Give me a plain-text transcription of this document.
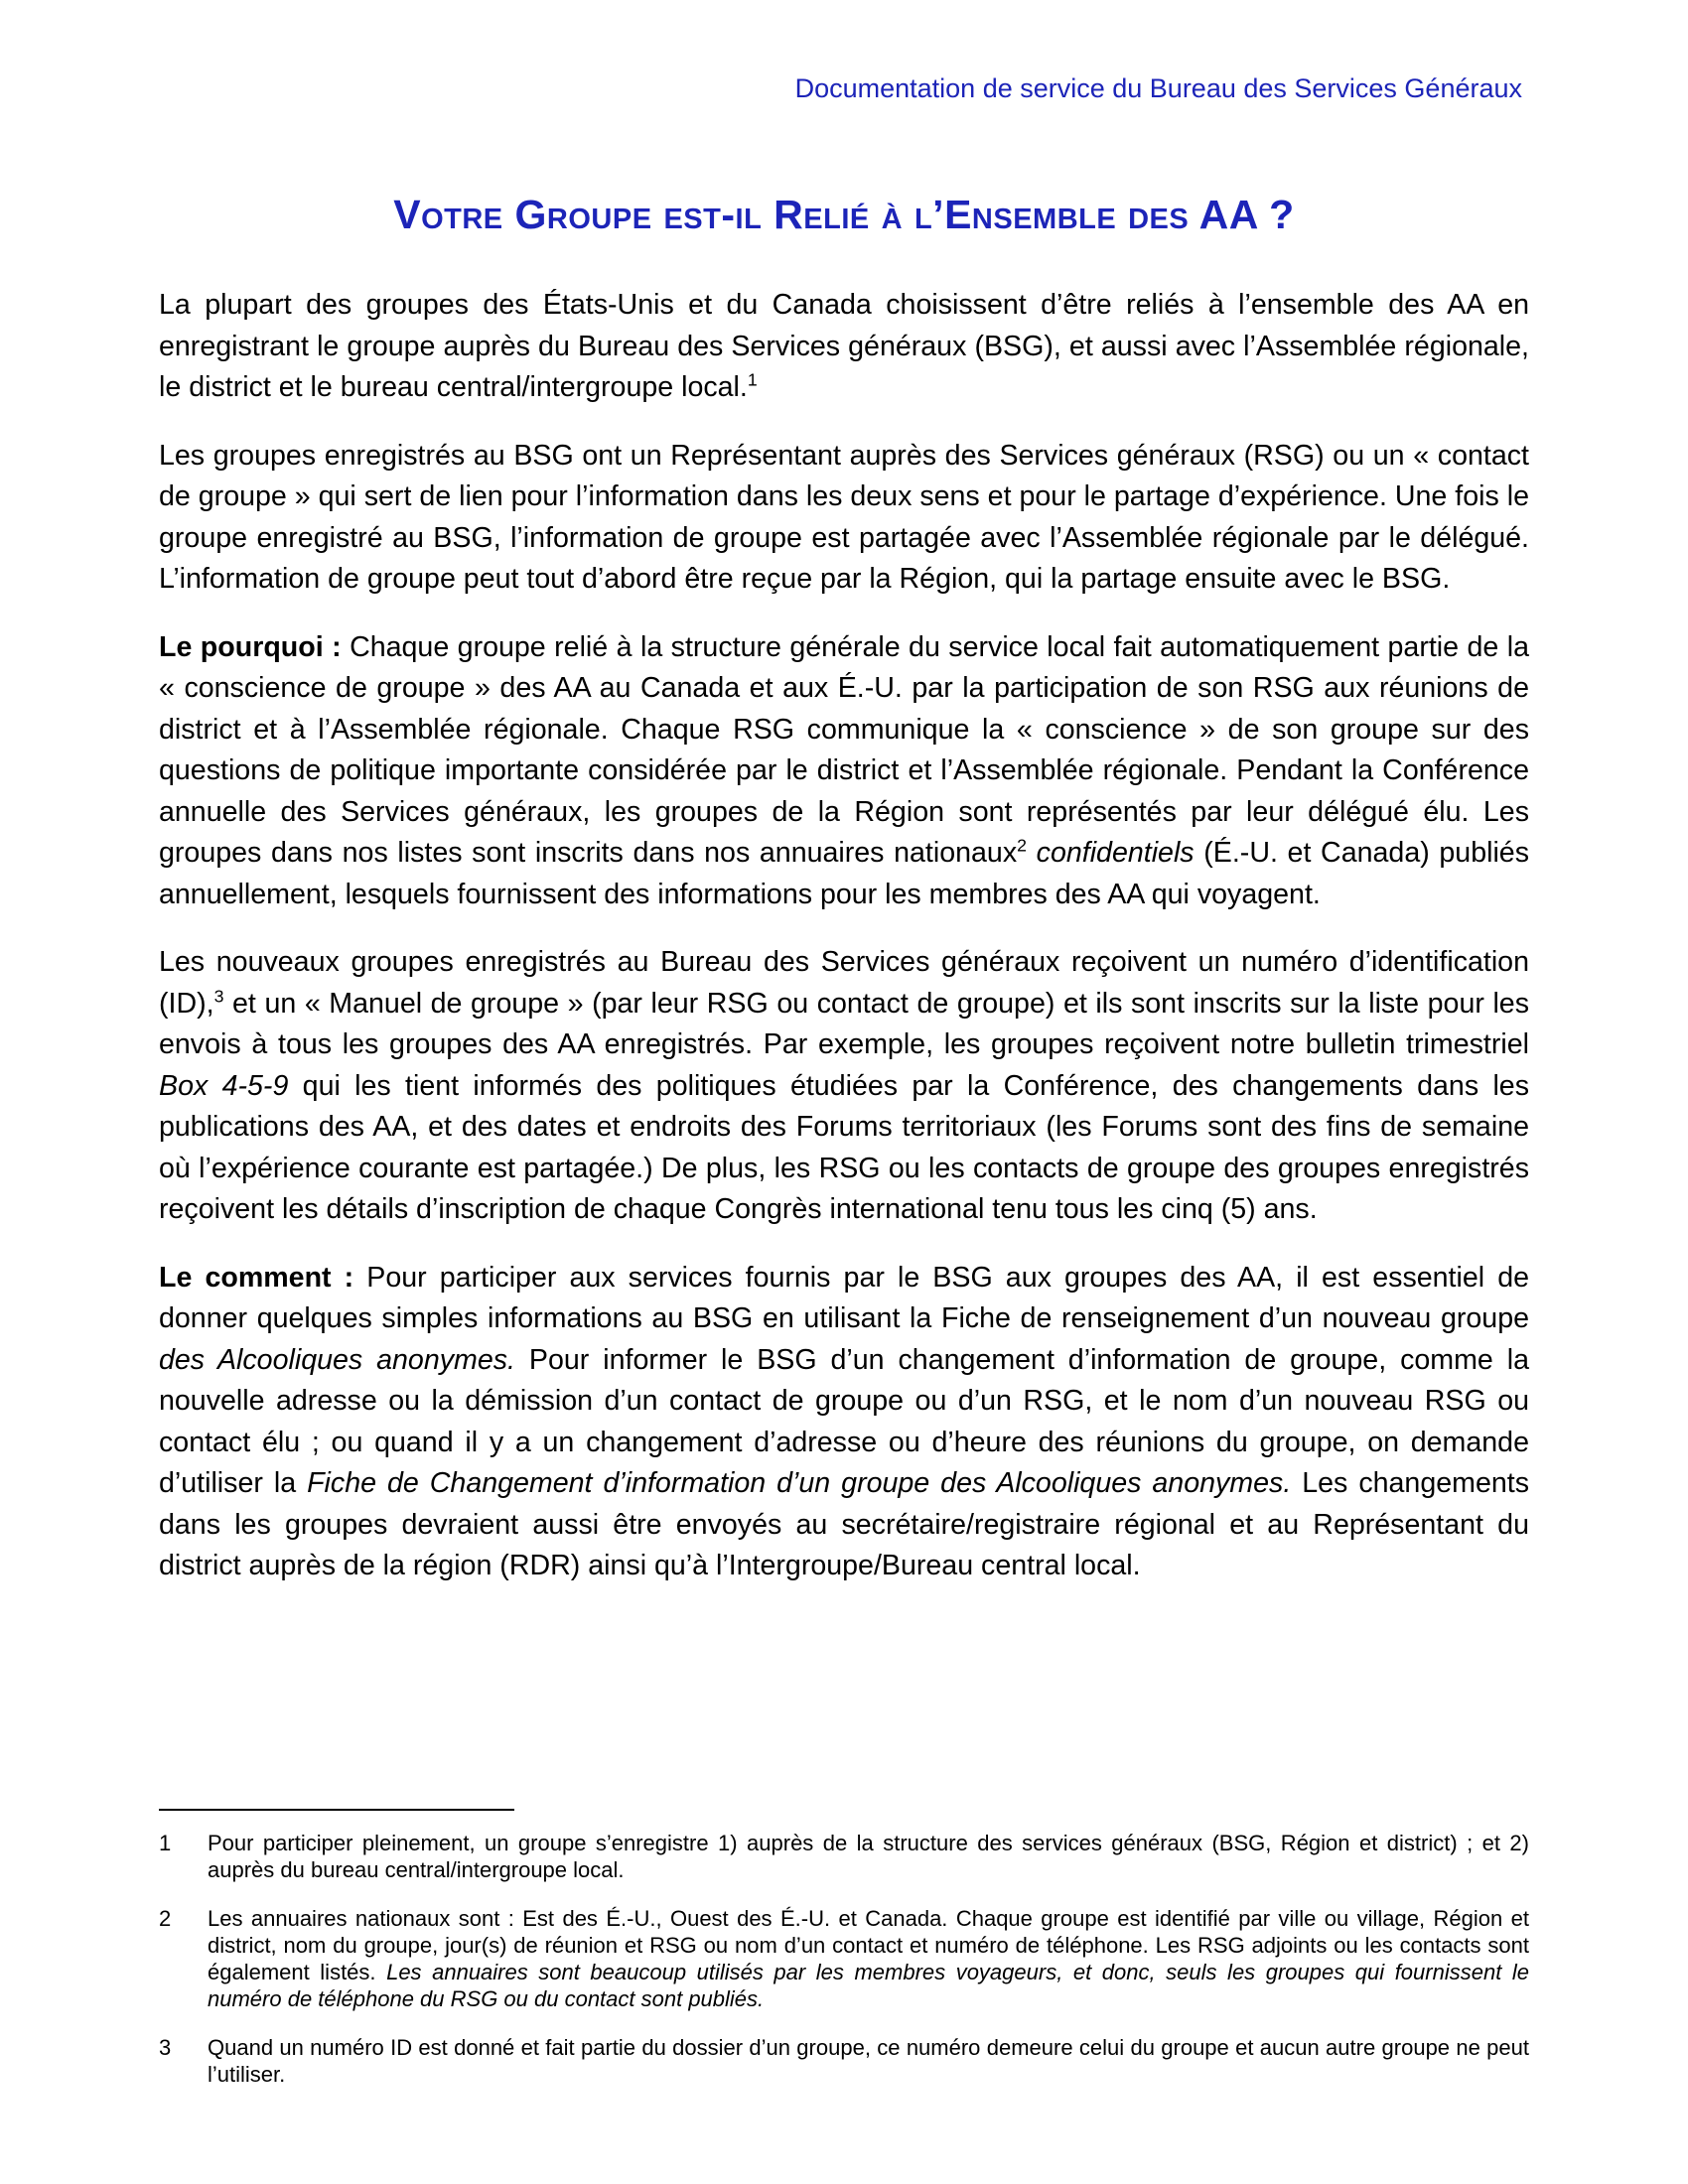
Documentation de service du Bureau des Services Généraux
Votre Groupe est-il Relié à l’Ensemble des AA ?

La plupart des groupes des États-Unis et du Canada choisissent d’être reliés à l’ensemble des AA en enregistrant le groupe auprès du Bureau des Services généraux (BSG), et aussi avec l’Assemblée régionale, le district et le bureau central/intergroupe local.$^1$

Les groupes enregistrés au BSG ont un Représentant auprès des Services généraux (RSG) ou un « contact de groupe » qui sert de lien pour l’information dans les deux sens et pour le partage d’expérience. Une fois le groupe enregistré au BSG, l’information de groupe est partagée avec l’Assemblée régionale par le délégué. L’information de groupe peut tout d’abord être reçue par la Région, qui la partage ensuite avec le BSG.

Le pourquoi : Chaque groupe relié à la structure générale du service local fait automatiquement partie de la « conscience de groupe » des AA au Canada et aux É.-U. par la participation de son RSG aux réunions de district et à l’Assemblée régionale. Chaque RSG communique la « conscience » de son groupe sur des questions de politique importante considérée par le district et l’Assemblée régionale. Pendant la Conférence annuelle des Services généraux, les groupes de la Région sont représentés par leur délégué élu. Les groupes dans nos listes sont inscrits dans nos annuaires nationaux$^2$ confidentiels (É.-U. et Canada) publiés annuellement, lesquels fournissent des informations pour les membres des AA qui voyagent.

Les nouveaux groupes enregistrés au Bureau des Services généraux reçoivent un numéro d’identification (ID),$^3$ et un « Manuel de groupe » (par leur RSG ou contact de groupe) et ils sont inscrits sur la liste pour les envois à tous les groupes des AA enregistrés. Par exemple, les groupes reçoivent notre bulletin trimestriel Box 4-5-9 qui les tient informés des politiques étudiées par la Conférence, des changements dans les publications des AA, et des dates et endroits des Forums territoriaux (les Forums sont des fins de semaine où l’expérience courante est partagée.) De plus, les RSG ou les contacts de groupe des groupes enregistrés reçoivent les détails d’inscription de chaque Congrès international tenu tous les cinq (5) ans.

Le comment : Pour participer aux services fournis par le BSG aux groupes des AA, il est essentiel de donner quelques simples informations au BSG en utilisant la Fiche de renseignement d’un nouveau groupe des Alcooliques anonymes. Pour informer le BSG d’un changement d’information de groupe, comme la nouvelle adresse ou la démission d’un contact de groupe ou d’un RSG, et le nom d’un nouveau RSG ou contact élu ; ou quand il y a un changement d’adresse ou d’heure des réunions du groupe, on demande d’utiliser la Fiche de Changement d’information d’un groupe des Alcooliques anonymes. Les changements dans les groupes devraient aussi être envoyés au secrétaire/registraire régional et au Représentant du district auprès de la région (RDR) ainsi qu’à l’Intergroupe/Bureau central local.

1	Pour participer pleinement, un groupe s’enregistre 1) auprès de la structure des services généraux (BSG, Région et district) ; et 2) auprès du bureau central/intergroupe local.
2	Les annuaires nationaux sont : Est des É.-U., Ouest des É.-U. et Canada. Chaque groupe est identifié par ville ou village, Région et district, nom du groupe, jour(s) de réunion et RSG ou nom d’un contact et numéro de téléphone. Les RSG adjoints ou les contacts sont également listés. Les annuaires sont beaucoup utilisés par les membres voyageurs, et donc, seuls les groupes qui fournissent le numéro de téléphone du RSG ou du contact sont publiés.
3	Quand un numéro ID est donné et fait partie du dossier d’un groupe, ce numéro demeure celui du groupe et aucun autre groupe ne peut l’utiliser.
